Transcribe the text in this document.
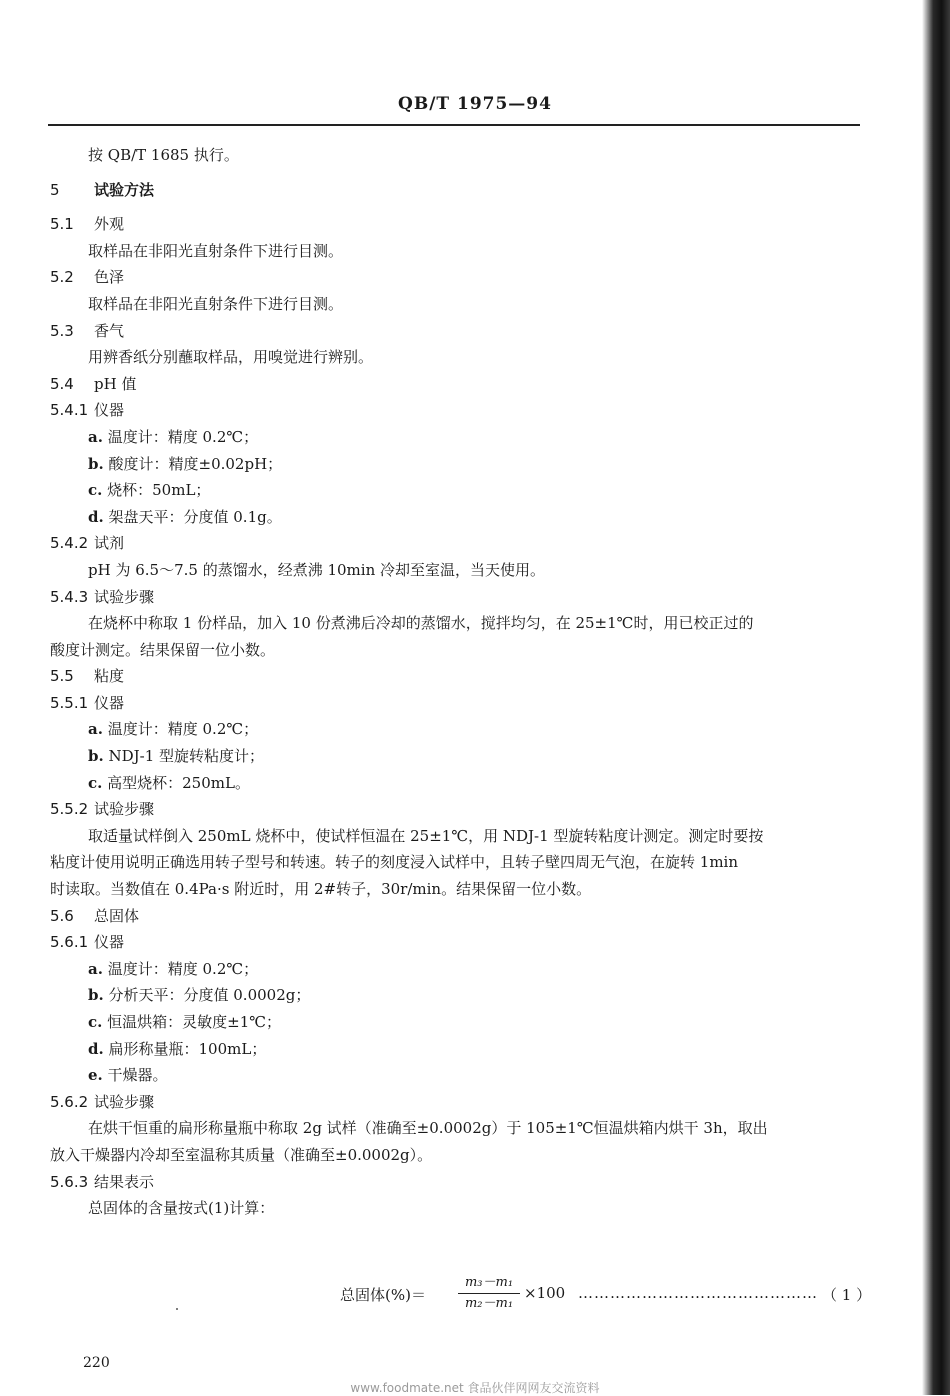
QB/T 1975—94
按 QB/T 1685 执行。
5 试验方法
5.1 外观
取样品在非阳光直射条件下进行目测。
5.2 色泽
取样品在非阳光直射条件下进行目测。
5.3 香气
用辨香纸分别蘸取样品，用嗅觉进行辨别。
5.4 pH 值
5.4.1 仪器
a. 温度计：精度 0.2℃；
b. 酸度计：精度±0.02pH；
c. 烧杯：50mL；
d. 架盘天平：分度值 0.1g。
5.4.2 试剂
pH 为 6.5～7.5 的蒸馏水，经煮沸 10min 冷却至室温，当天使用。
5.4.3 试验步骤
在烧杯中称取 1 份样品，加入 10 份煮沸后冷却的蒸馏水，搅拌均匀，在 25±1℃时，用已校正过的
酸度计测定。结果保留一位小数。
5.5 粘度
5.5.1 仪器
a. 温度计：精度 0.2℃；
b. NDJ-1 型旋转粘度计；
c. 高型烧杯：250mL。
5.5.2 试验步骤
取适量试样倒入 250mL 烧杯中，使试样恒温在 25±1℃，用 NDJ-1 型旋转粘度计测定。测定时要按
粘度计使用说明正确选用转子型号和转速。转子的刻度浸入试样中，且转子壁四周无气泡，在旋转 1min
时读取。当数值在 0.4Pa·s 附近时，用 2#转子，30r/min。结果保留一位小数。
5.6 总固体
5.6.1 仪器
a. 温度计：精度 0.2℃；
b. 分析天平：分度值 0.0002g；
c. 恒温烘箱：灵敏度±1℃；
d. 扁形称量瓶：100mL；
e. 干燥器。
5.6.2 试验步骤
在烘干恒重的扁形称量瓶中称取 2g 试样（准确至±0.0002g）于 105±1℃恒温烘箱内烘干 3h，取出
放入干燥器内冷却至室温称其质量（准确至±0.0002g）。
5.6.3 结果表示
总固体的含量按式(1)计算：
总固体(%)＝
m₃－m₁
m₂－m₁
×100 ……………………………………… （ 1 ）
220
www.foodmate.net 食品伙伴网网友交流资料
